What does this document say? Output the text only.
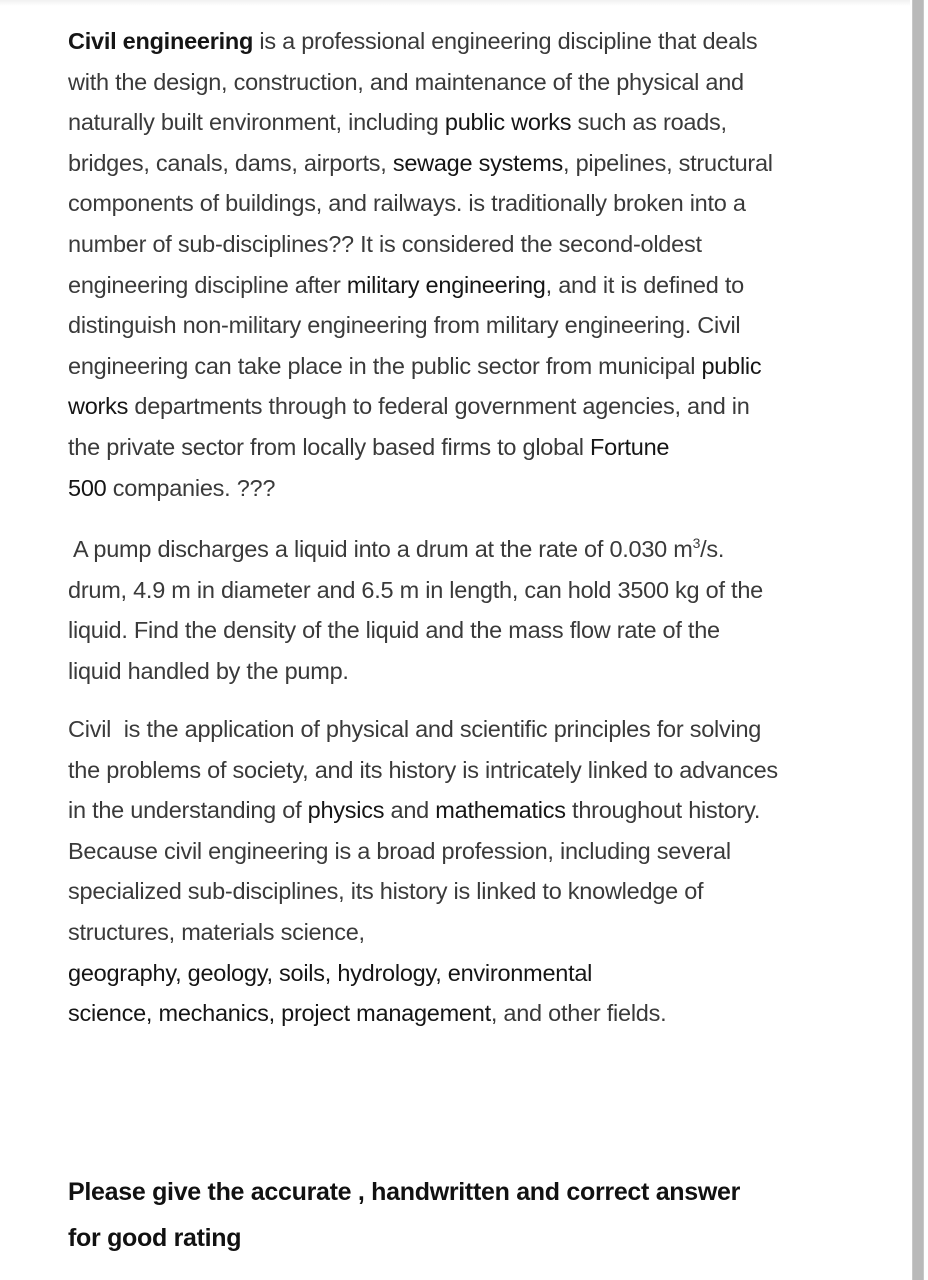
Civil engineering is a professional engineering discipline that deals
with the design, construction, and maintenance of the physical and
naturally built environment, including public works such as roads,
bridges, canals, dams, airports, sewage systems, pipelines, structural
components of buildings, and railways. is traditionally broken into a
number of sub-disciplines?? It is considered the second-oldest
engineering discipline after military engineering, and it is defined to
distinguish non-military engineering from military engineering. Civil
engineering can take place in the public sector from municipal public
works departments through to federal government agencies, and in
the private sector from locally based firms to global Fortune
500 companies. ???

A pump discharges a liquid into a drum at the rate of 0.030 $m^3/s$.
drum, 4.9 m in diameter and 6.5 m in length, can hold 3500 kg of the
liquid. Find the density of the liquid and the mass flow rate of the
liquid handled by the pump.

Civil  is the application of physical and scientific principles for solving
the problems of society, and its history is intricately linked to advances
in the understanding of physics and mathematics throughout history.
Because civil engineering is a broad profession, including several
specialized sub-disciplines, its history is linked to knowledge of
structures, materials science,
geography, geology, soils, hydrology, environmental
science, mechanics, project management, and other fields.

Please give the accurate , handwritten and correct answer
for good rating
